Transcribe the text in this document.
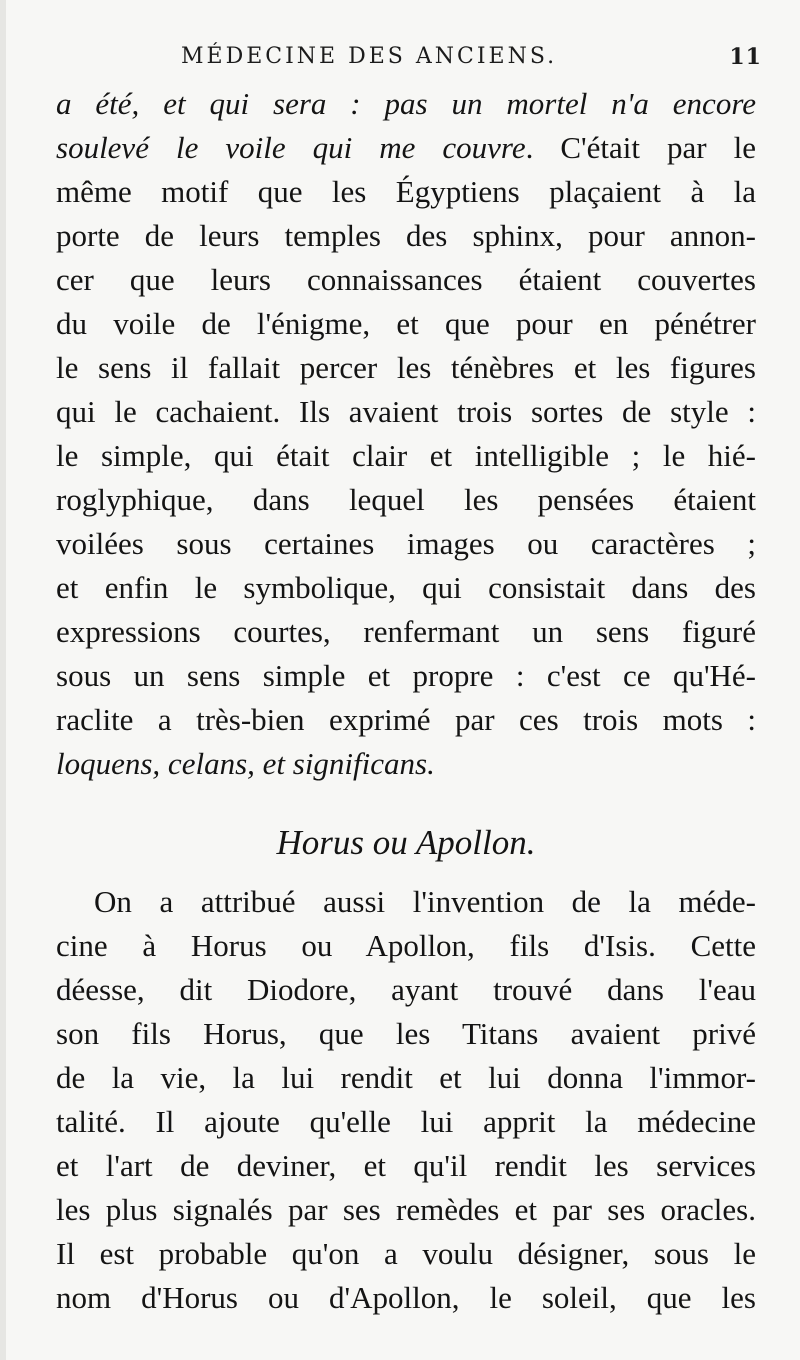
MÉDECINE DES ANCIENS.	11
a été, et qui sera : pas un mortel n'a encore
soulevé le voile qui me couvre. C'était par le
même motif que les Égyptiens plaçaient à la
porte de leurs temples des sphinx, pour annon-
cer que leurs connaissances étaient couvertes
du voile de l'énigme, et que pour en pénétrer
le sens il fallait percer les ténèbres et les figures
qui le cachaient. Ils avaient trois sortes de style :
le simple, qui était clair et intelligible ; le hié-
roglyphique, dans lequel les pensées étaient
voilées sous certaines images ou caractères ;
et enfin le symbolique, qui consistait dans des
expressions courtes, renfermant un sens figuré
sous un sens simple et propre : c'est ce qu'Hé-
raclite a très-bien exprimé par ces trois mots :
loquens, celans, et significans.
Horus ou Apollon.
On a attribué aussi l'invention de la méde-
cine à Horus ou Apollon, fils d'Isis. Cette
déesse, dit Diodore, ayant trouvé dans l'eau
son fils Horus, que les Titans avaient privé
de la vie, la lui rendit et lui donna l'immor-
talité. Il ajoute qu'elle lui apprit la médecine
et l'art de deviner, et qu'il rendit les services
les plus signalés par ses remèdes et par ses oracles.
Il est probable qu'on a voulu désigner, sous le
nom d'Horus ou d'Apollon, le soleil, que les
